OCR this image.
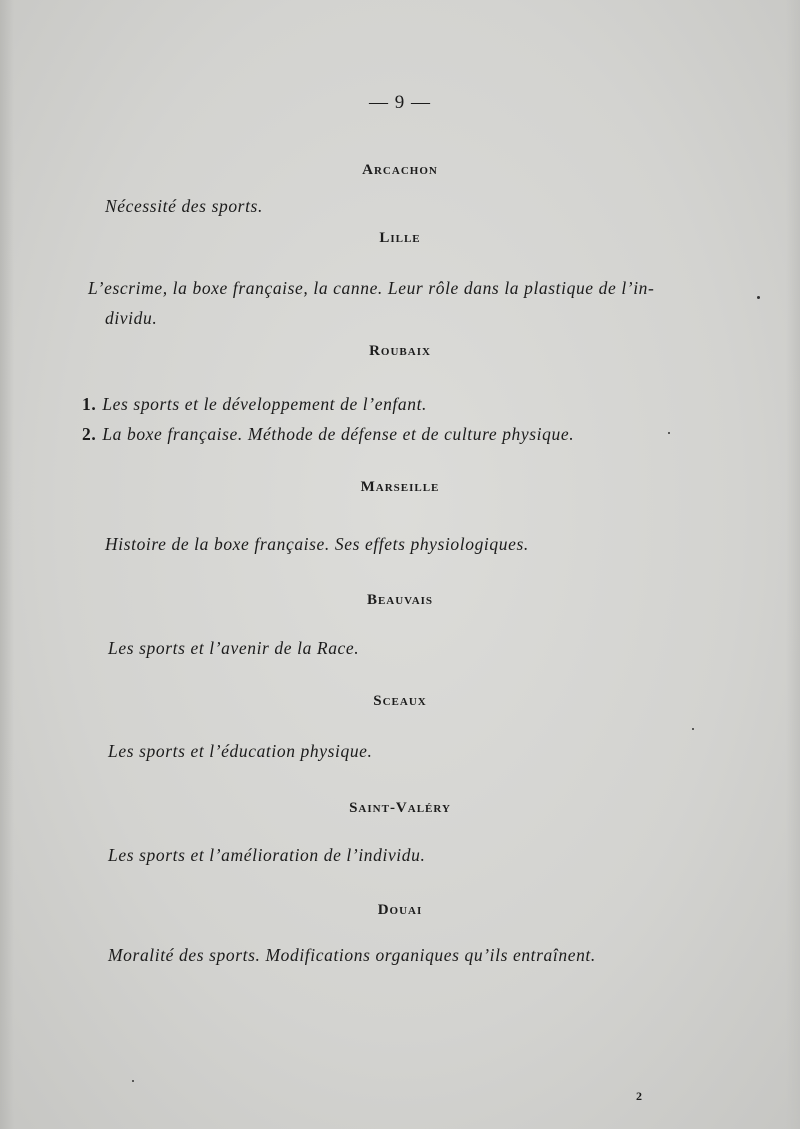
— 9 —
Arcachon
Nécessité des sports.
Lille
L’escrime, la boxe française, la canne. Leur rôle dans la plastique de l’in-
dividu.
Roubaix
1. Les sports et le développement de l’enfant.
2. La boxe française. Méthode de défense et de culture physique.
Marseille
Histoire de la boxe française. Ses effets physiologiques.
Beauvais
Les sports et l’avenir de la Race.
Sceaux
Les sports et l’éducation physique.
Saint-Valéry
Les sports et l’amélioration de l’individu.
Douai
Moralité des sports. Modifications organiques qu’ils entraînent.
2
